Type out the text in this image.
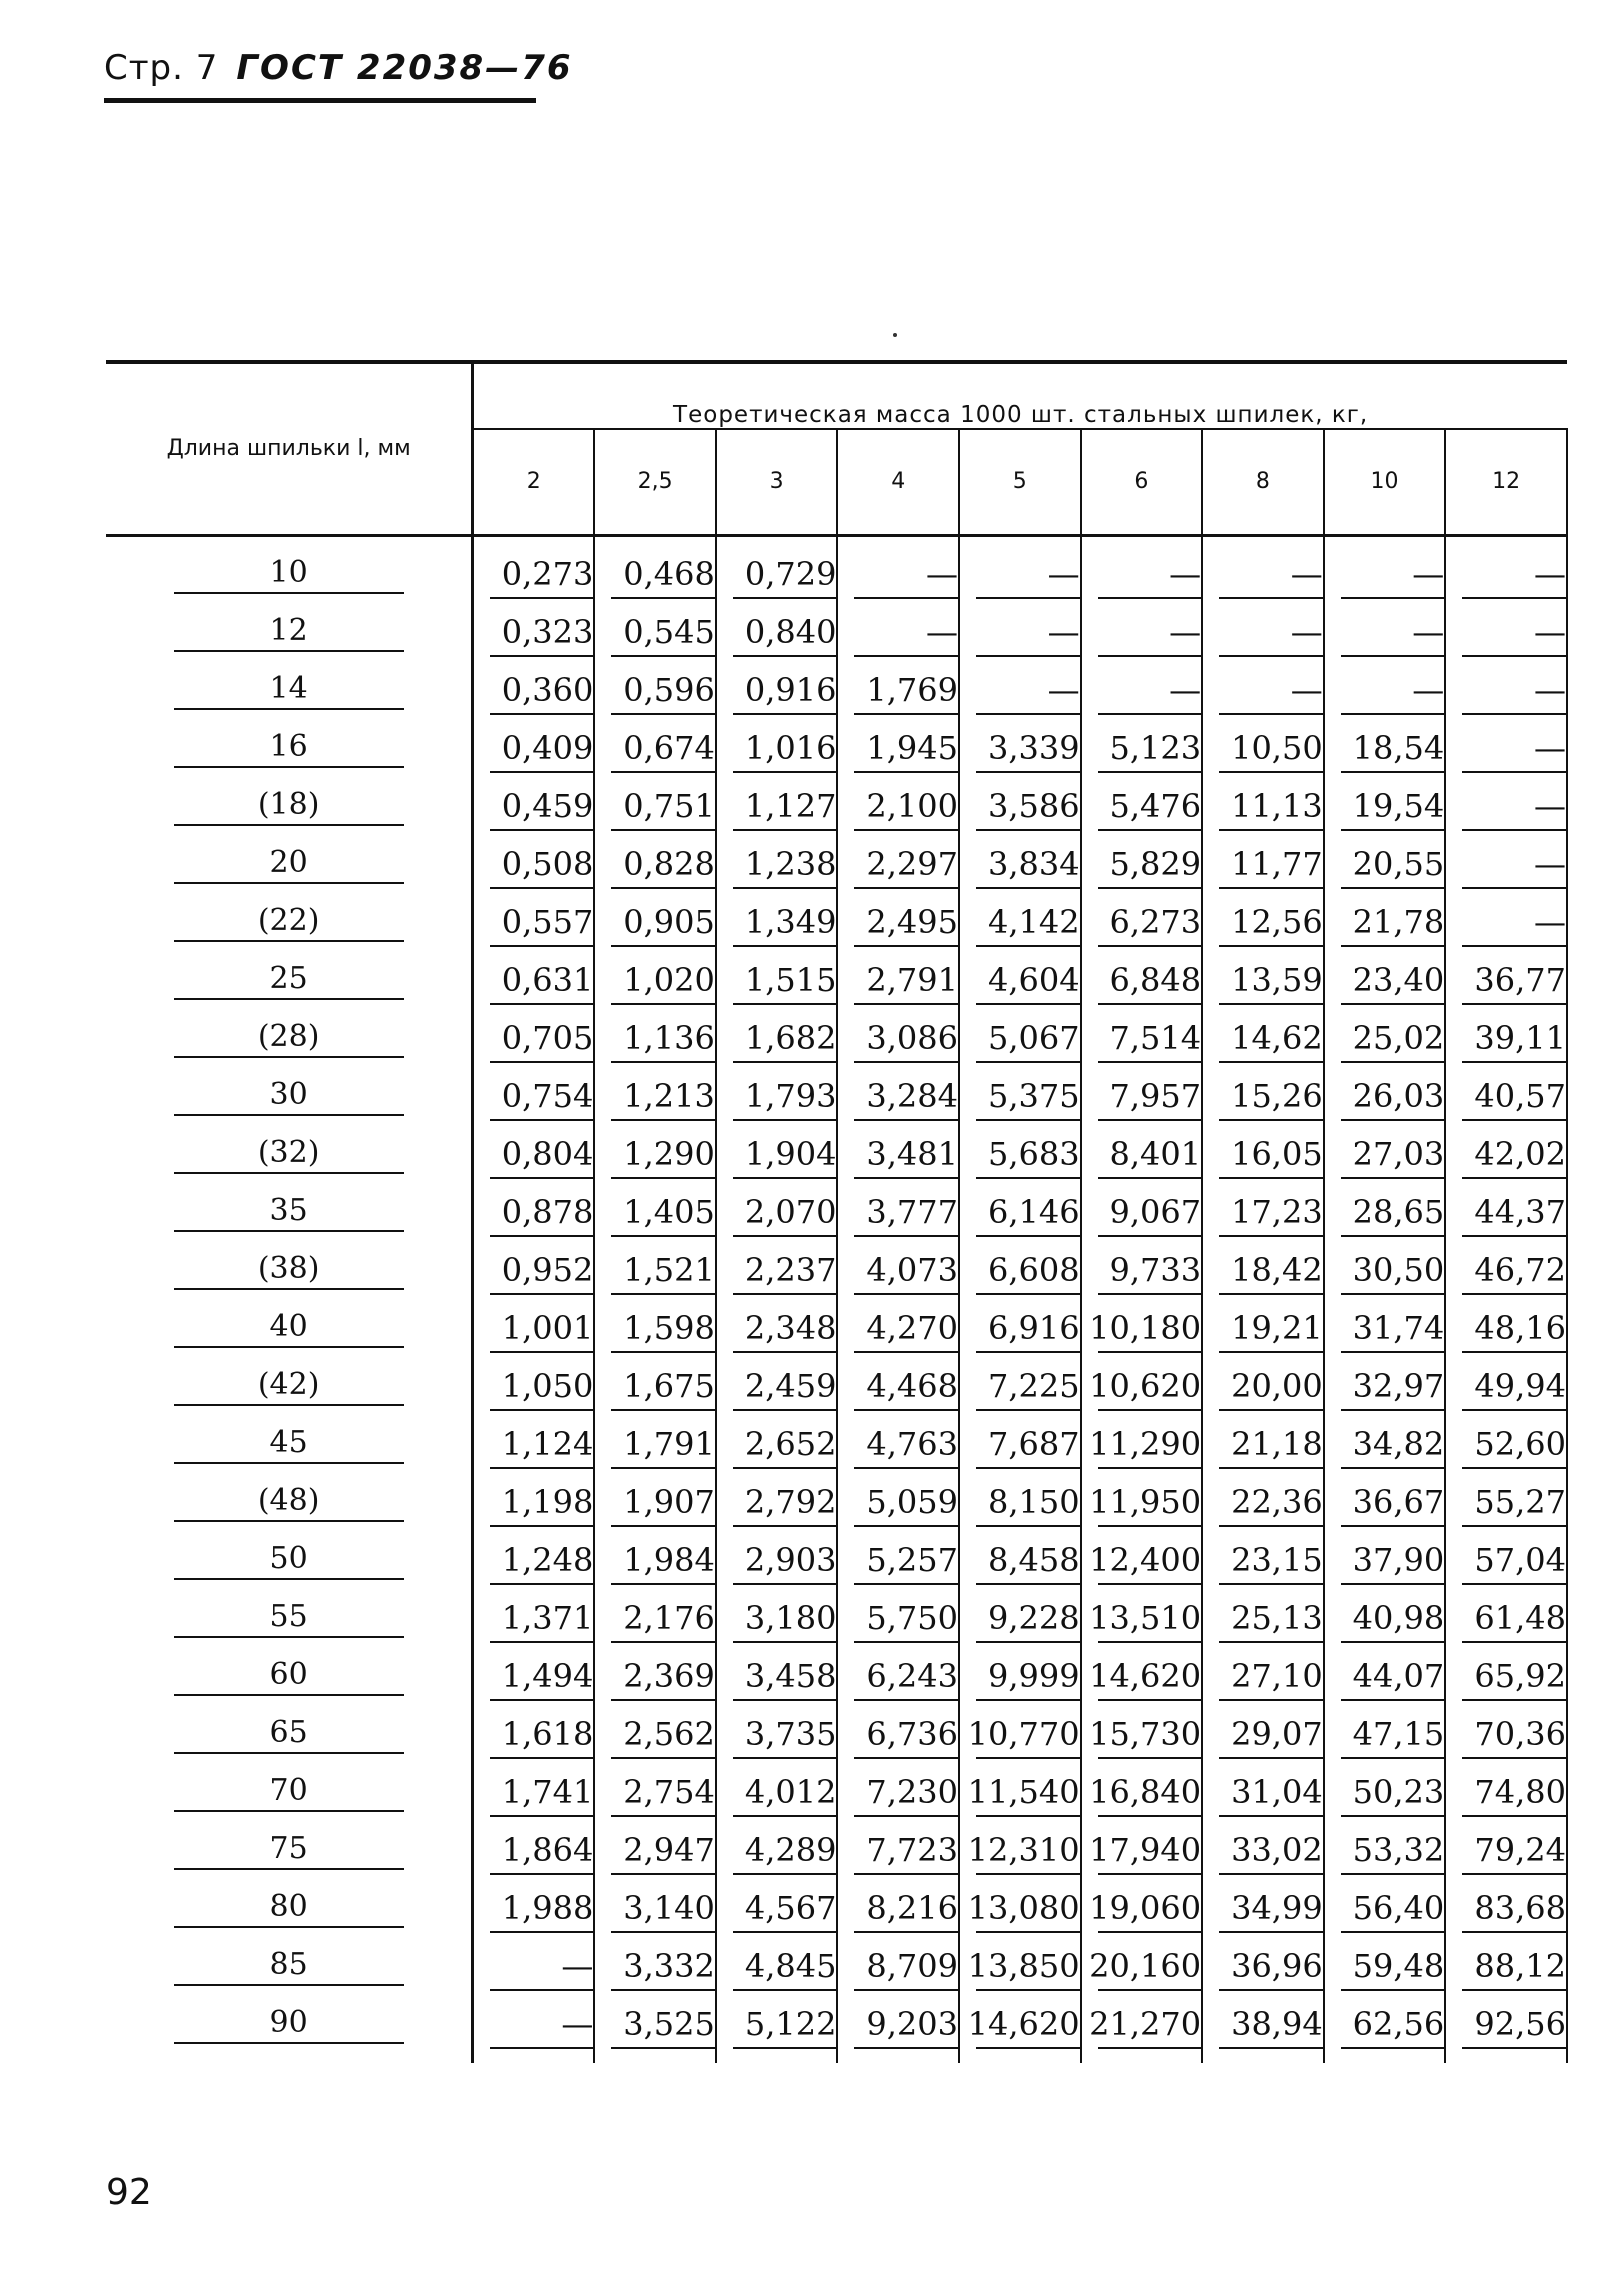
Стр. 7 ГОСТ 22038—76
Длина шпильки l, мм	Теоретическая масса 1000 шт. стальных шпилек, кг,								
	2	2,5	3	4	5	6	8	10	12
10	0,273	0,468	0,729	—	—	—	—	—	—

12	0,323	0,545	0,840	—	—	—	—	—	—

14	0,360	0,596	0,916	1,769	—	—	—	—	—

16	0,409	0,674	1,016	1,945	3,339	5,123	10,50	18,54	—

(18)	0,459	0,751	1,127	2,100	3,586	5,476	11,13	19,54	—

20	0,508	0,828	1,238	2,297	3,834	5,829	11,77	20,55	—

(22)	0,557	0,905	1,349	2,495	4,142	6,273	12,56	21,78	—

25	0,631	1,020	1,515	2,791	4,604	6,848	13,59	23,40	36,77

(28)	0,705	1,136	1,682	3,086	5,067	7,514	14,62	25,02	39,11

30	0,754	1,213	1,793	3,284	5,375	7,957	15,26	26,03	40,57

(32)	0,804	1,290	1,904	3,481	5,683	8,401	16,05	27,03	42,02

35	0,878	1,405	2,070	3,777	6,146	9,067	17,23	28,65	44,37

(38)	0,952	1,521	2,237	4,073	6,608	9,733	18,42	30,50	46,72

40	1,001	1,598	2,348	4,270	6,916	10,180	19,21	31,74	48,16

(42)	1,050	1,675	2,459	4,468	7,225	10,620	20,00	32,97	49,94

45	1,124	1,791	2,652	4,763	7,687	11,290	21,18	34,82	52,60

(48)	1,198	1,907	2,792	5,059	8,150	11,950	22,36	36,67	55,27

50	1,248	1,984	2,903	5,257	8,458	12,400	23,15	37,90	57,04

55	1,371	2,176	3,180	5,750	9,228	13,510	25,13	40,98	61,48

60	1,494	2,369	3,458	6,243	9,999	14,620	27,10	44,07	65,92

65	1,618	2,562	3,735	6,736	10,770	15,730	29,07	47,15	70,36

70	1,741	2,754	4,012	7,230	11,540	16,840	31,04	50,23	74,80

75	1,864	2,947	4,289	7,723	12,310	17,940	33,02	53,32	79,24

80	1,988	3,140	4,567	8,216	13,080	19,060	34,99	56,40	83,68

85	—	3,332	4,845	8,709	13,850	20,160	36,96	59,48	88,12

90	—	3,525	5,122	9,203	14,620	21,270	38,94	62,56	92,56
92
